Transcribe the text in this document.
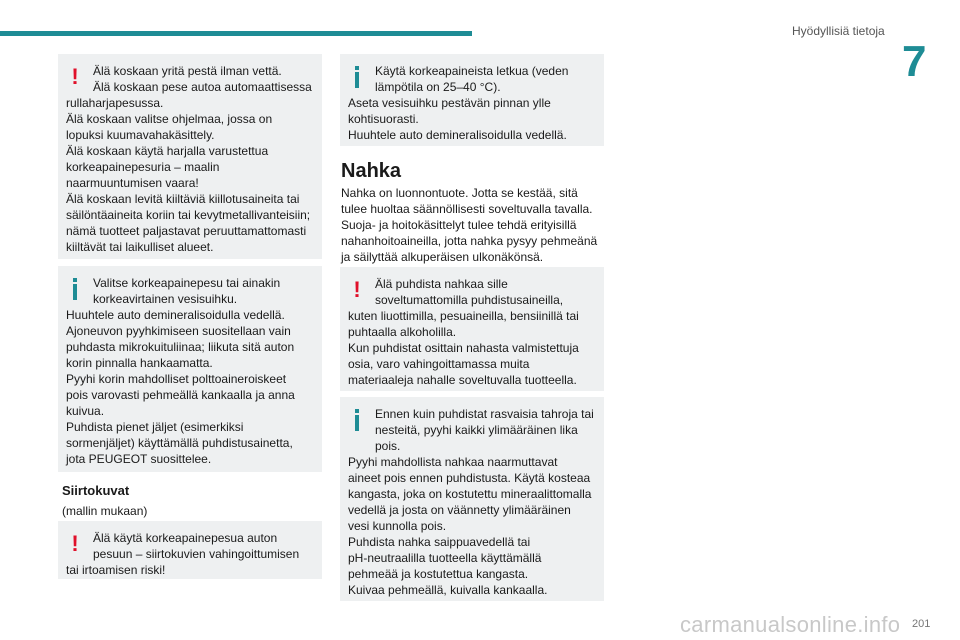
Hyödyllisiä tietoja
7
!	Älä koskaan yritä pestä ilman vettä.

Älä koskaan pese autoa automaattisessa

rullaharjapesussa.

Älä koskaan valitse ohjelmaa, jossa on

lopuksi kuumavahakäsittely.

Älä koskaan käytä harjalla varustettua

korkeapainepesuria – maalin

naarmuuntumisen vaara!

Älä koskaan levitä kiiltäviä kiillotusaineita tai

säilöntäaineita koriin tai kevytmetallivanteisiin;

nämä tuotteet paljastavat peruuttamattomasti

kiiltävät tai laikulliset alueet.

Valitse korkeapainepesu tai ainakin

korkeavirtainen vesisuihku.

Huuhtele auto demineralisoidulla vedellä.

Ajoneuvon pyyhkimiseen suositellaan vain

puhdasta mikrokuituliinaa; liikuta sitä auton

korin pinnalla hankaamatta.

Pyyhi korin mahdolliset polttoaineroiskeet

pois varovasti pehmeällä kankaalla ja anna

kuivua.

Puhdista pienet jäljet (esimerkiksi

sormenjäljet) käyttämällä puhdistusainetta,

jota PEUGEOT suosittelee.

Siirtokuvat
(mallin mukaan)
!	Älä käytä korkeapainepesua auton

pesuun – siirtokuvien vahingoittumisen

tai irtoamisen riski!

Käytä korkeapaineista letkua (veden

lämpötila on 25–40 °C).

Aseta vesisuihku pestävän pinnan ylle

kohtisuorasti.

Huuhtele auto demineralisoidulla vedellä.

Nahka
Nahka on luonnontuote. Jotta se kestää, sitä
tulee huoltaa säännöllisesti soveltuvalla tavalla.
Suoja- ja hoitokäsittelyt tulee tehdä erityisillä
nahanhoitoaineilla, jotta nahka pysyy pehmeänä
ja säilyttää alkuperäisen ulkonäkönsä.
!	Älä puhdista nahkaa sille

soveltumattomilla puhdistusaineilla,

kuten liuottimilla, pesuaineilla, bensiinillä tai

puhtaalla alkoholilla.

Kun puhdistat osittain nahasta valmistettuja

osia, varo vahingoittamassa muita

materiaaleja nahalle soveltuvalla tuotteella.

Ennen kuin puhdistat rasvaisia tahroja tai

nesteitä, pyyhi kaikki ylimääräinen lika

pois.

Pyyhi mahdollista nahkaa naarmuttavat

aineet pois ennen puhdistusta. Käytä kosteaa

kangasta, joka on kostutettu mineraalittomalla

vedellä ja josta on väännetty ylimääräinen

vesi kunnolla pois.

Puhdista nahka saippuavedellä tai

pH-neutraalilla tuotteella käyttämällä

pehmeää ja kostutettua kangasta.

Kuivaa pehmeällä, kuivalla kankaalla.

carmanualsonline.info 201
